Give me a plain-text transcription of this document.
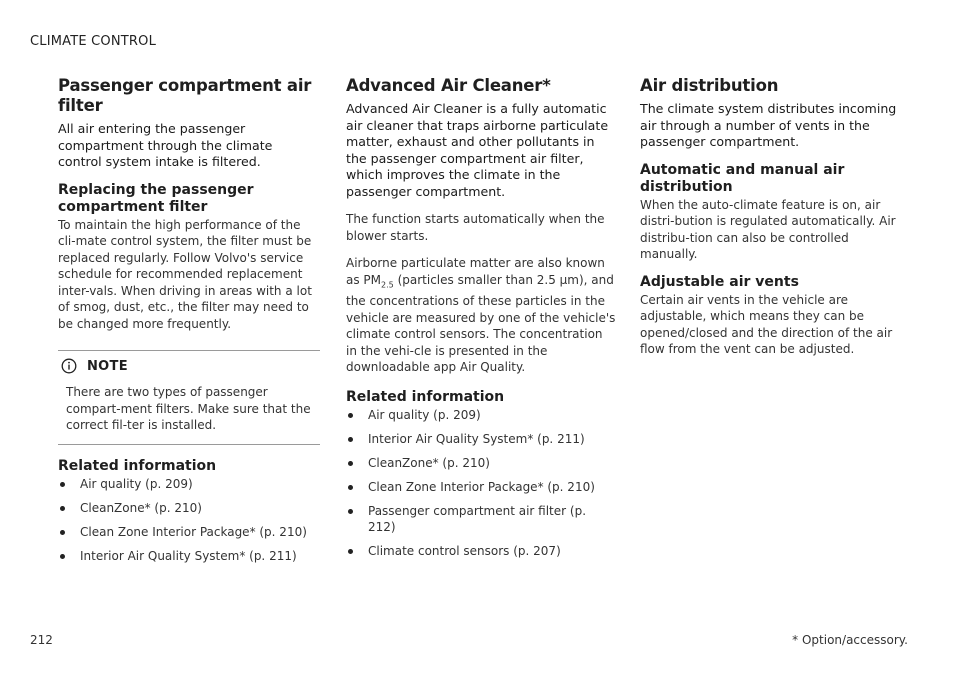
CLIMATE CONTROL
Passenger compartment air filter

All air entering the passenger compartment through the climate control system intake is filtered.

Replacing the passenger compartment filter

To maintain the high performance of the cli-mate control system, the filter must be replaced regularly. Follow Volvo's service schedule for recommended replacement inter-vals. When driving in areas with a lot of smog, dust, etc., the filter may need to be changed more frequently.

NOTE
There are two types of passenger compart-ment filters. Make sure that the correct fil-ter is installed.
Related information
Air quality (p. 209)
CleanZone* (p. 210)
Clean Zone Interior Package* (p. 210)
Interior Air Quality System* (p. 211)
Advanced Air Cleaner*

Advanced Air Cleaner is a fully automatic air cleaner that traps airborne particulate matter, exhaust and other pollutants in the passenger compartment air filter, which improves the climate in the passenger compartment.

The function starts automatically when the blower starts.

Airborne particulate matter are also known as $PM_{2.5}$ (particles smaller than 2.5 µm), and the concentrations of these particles in the vehicle are measured by one of the vehicle's climate control sensors. The concentration in the vehi-cle is presented in the downloadable app Air Quality.

Related information
Air quality (p. 209)
Interior Air Quality System* (p. 211)
CleanZone* (p. 210)
Clean Zone Interior Package* (p. 210)
Passenger compartment air filter (p. 212)
Climate control sensors (p. 207)
Air distribution

The climate system distributes incoming air through a number of vents in the passenger compartment.

Automatic and manual air distribution

When the auto-climate feature is on, air distri-bution is regulated automatically. Air distribu-tion can also be controlled manually.

Adjustable air vents

Certain air vents in the vehicle are adjustable, which means they can be opened/closed and the direction of the air flow from the vent can be adjusted.

* Option/accessory.
212
